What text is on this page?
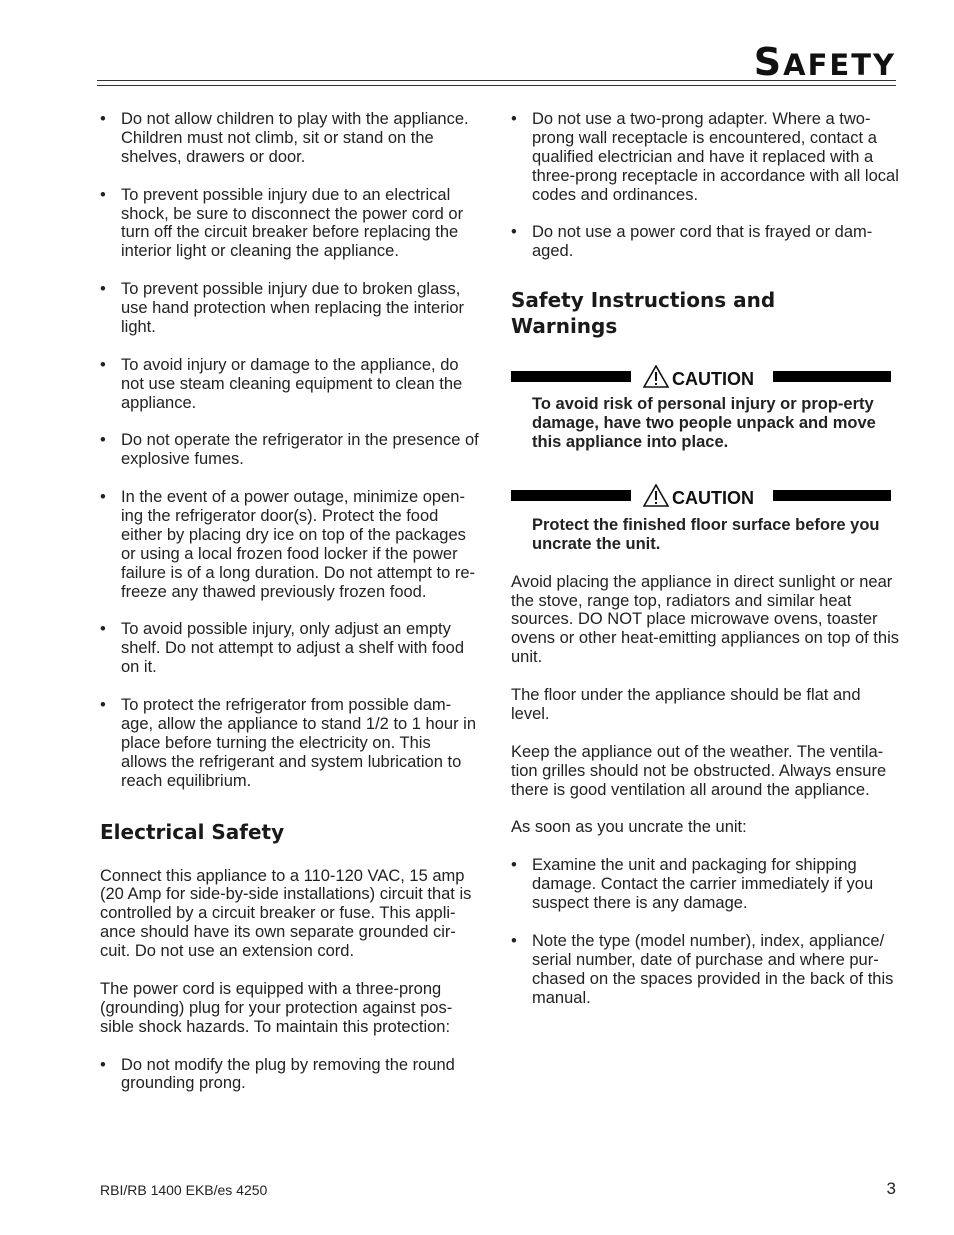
SAFETY
• Do not allow children to play with the appliance. Children must not climb, sit or stand on the shelves, drawers or door.
• To prevent possible injury due to an electrical shock, be sure to disconnect the power cord or turn off the circuit breaker before replacing the interior light or cleaning the appliance.
• To prevent possible injury due to broken glass, use hand protection when replacing the interior light.
• To avoid injury or damage to the appliance, do not use steam cleaning equipment to clean the appliance.
• Do not operate the refrigerator in the presence of explosive fumes.
• In the event of a power outage, minimize open-ing the refrigerator door(s). Protect the food either by placing dry ice on top of the packages or using a local frozen food locker if the power failure is of a long duration. Do not attempt to re-freeze any thawed previously frozen food.
• To avoid possible injury, only adjust an empty shelf. Do not attempt to adjust a shelf with food on it.
• To protect the refrigerator from possible dam-age, allow the appliance to stand 1/2 to 1 hour in place before turning the electricity on. This allows the refrigerant and system lubrication to reach equilibrium.
Electrical Safety

Connect this appliance to a 110-120 VAC, 15 amp (20 Amp for side-by-side installations) circuit that is controlled by a circuit breaker or fuse. This appli-ance should have its own separate grounded cir-cuit. Do not use an extension cord.

The power cord is equipped with a three-prong (grounding) plug for your protection against pos-sible shock hazards. To maintain this protection:

• Do not modify the plug by removing the round grounding prong.
• Do not use a two-prong adapter. Where a two-prong wall receptacle is encountered, contact a qualified electrician and have it replaced with a three-prong receptacle in accordance with all local codes and ordinances.
• Do not use a power cord that is frayed or dam-aged.
Safety Instructions and
Warnings
CAUTION

To avoid risk of personal injury or prop-erty damage, have two people unpack and move this appliance into place.

CAUTION

Protect the finished floor surface before you uncrate the unit.

Avoid placing the appliance in direct sunlight or near the stove, range top, radiators and similar heat sources. DO NOT place microwave ovens, toaster ovens or other heat-emitting appliances on top of this unit.

The floor under the appliance should be flat and level.

Keep the appliance out of the weather. The ventila-tion grilles should not be obstructed. Always ensure there is good ventilation all around the appliance.

As soon as you uncrate the unit:

• Examine the unit and packaging for shipping damage. Contact the carrier immediately if you suspect there is any damage.
• Note the type (model number), index, appliance/ serial number, date of purchase and where pur-chased on the spaces provided in the back of this manual.
RBI/RB 1400 EKB/es 4250	3
